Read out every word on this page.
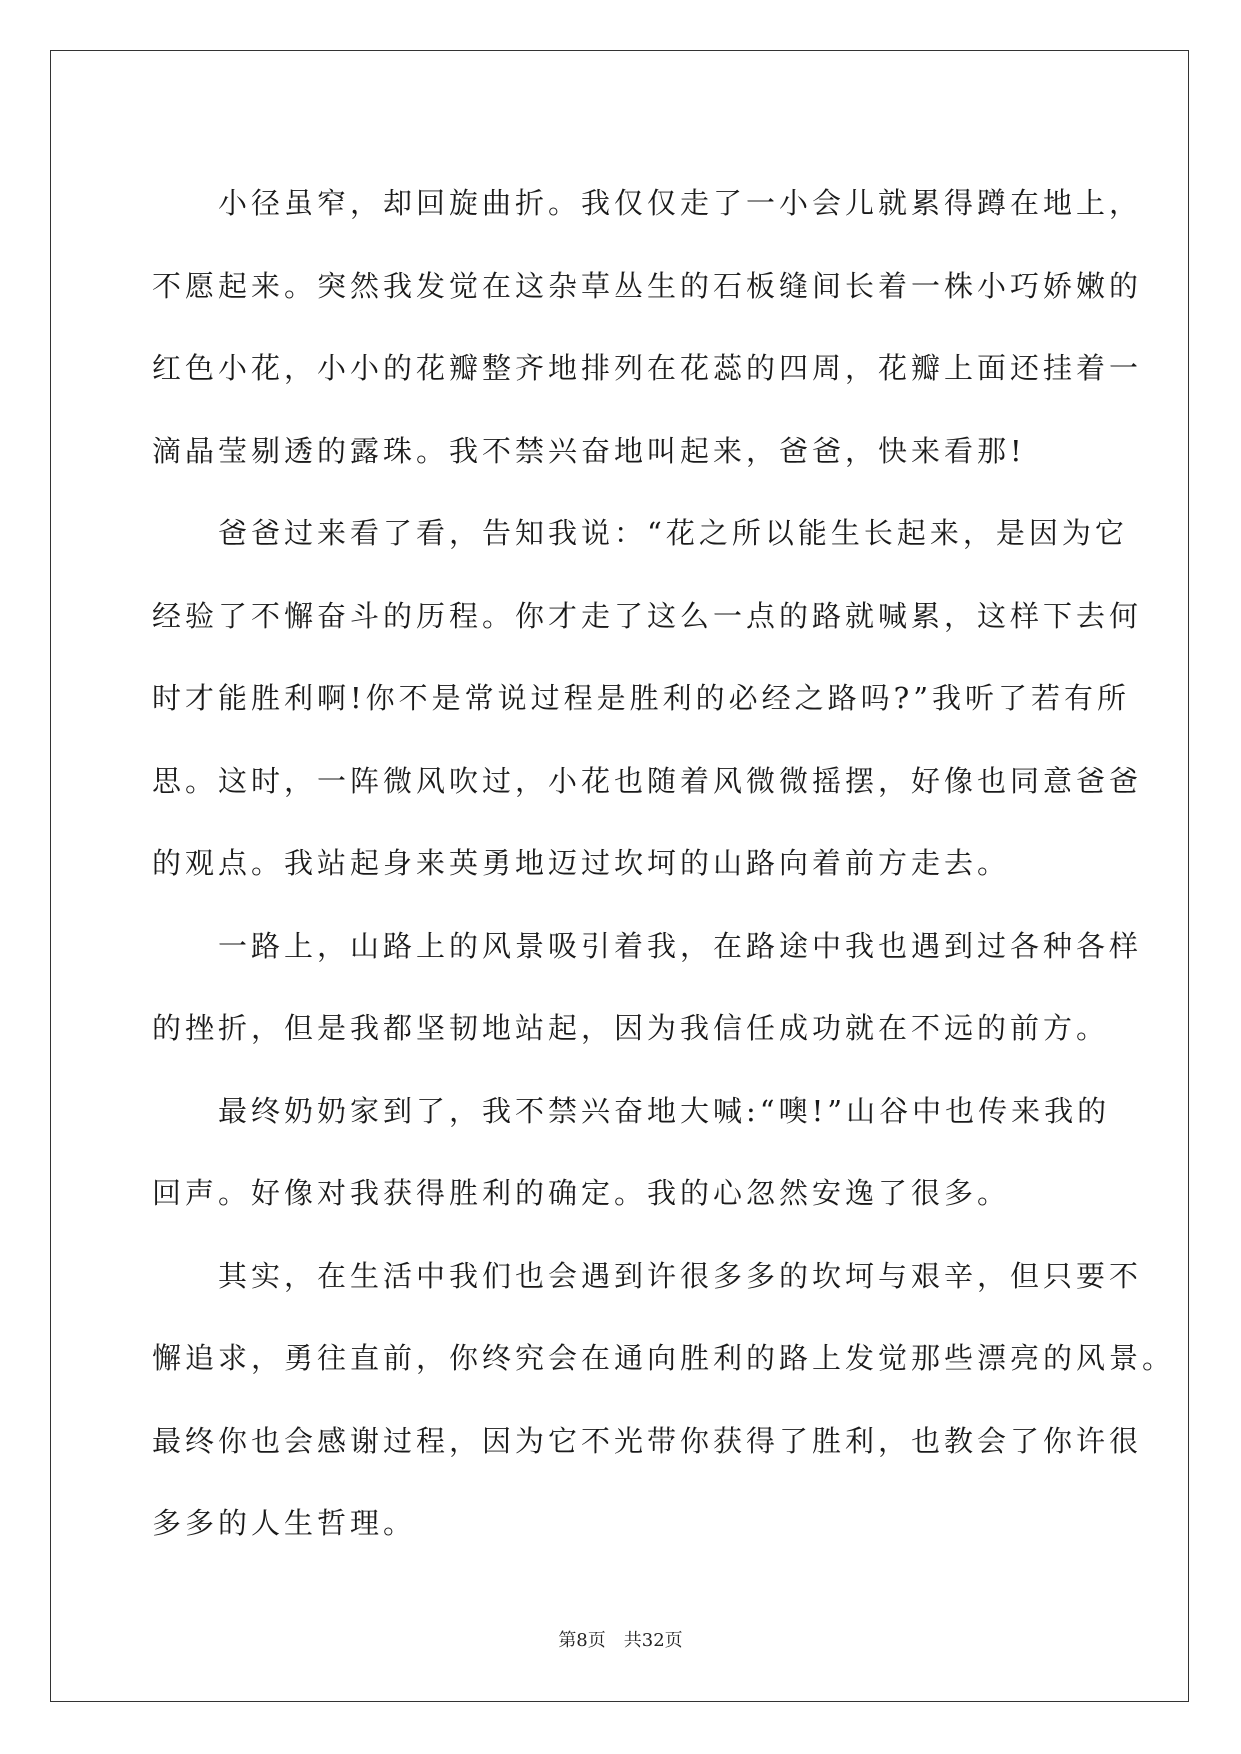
小径虽窄，却回旋曲折。我仅仅走了一小会儿就累得蹲在地上，
不愿起来。突然我发觉在这杂草丛生的石板缝间长着一株小巧娇嫩的
红色小花，小小的花瓣整齐地排列在花蕊的四周，花瓣上面还挂着一
滴晶莹剔透的露珠。我不禁兴奋地叫起来，爸爸，快来看那!

爸爸过来看了看，告知我说：“花之所以能生长起来，是因为它
经验了不懈奋斗的历程。你才走了这么一点的路就喊累，这样下去何
时才能胜利啊!你不是常说过程是胜利的必经之路吗?”我听了若有所
思。这时，一阵微风吹过，小花也随着风微微摇摆，好像也同意爸爸
的观点。我站起身来英勇地迈过坎坷的山路向着前方走去。

一路上，山路上的风景吸引着我，在路途中我也遇到过各种各样
的挫折，但是我都坚韧地站起，因为我信任成功就在不远的前方。

最终奶奶家到了，我不禁兴奋地大喊:“噢!”山谷中也传来我的
回声。好像对我获得胜利的确定。我的心忽然安逸了很多。

其实，在生活中我们也会遇到许很多多的坎坷与艰辛，但只要不
懈追求，勇往直前，你终究会在通向胜利的路上发觉那些漂亮的风景。
最终你也会感谢过程，因为它不光带你获得了胜利，也教会了你许很
多多的人生哲理。

第8页 共32页
